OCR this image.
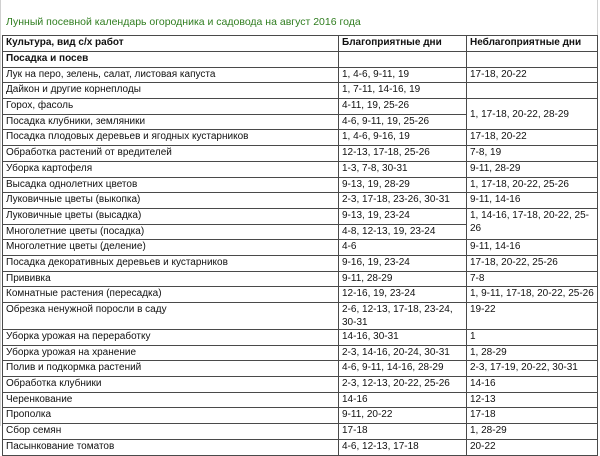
Лунный посевной календарь огородника и садовода на август 2016 года
Культура, вид с/х работ	Благоприятные дни	Неблагоприятные дни
Посадка и посев		
Лук на перо, зелень, салат, листовая капуста	1, 4-6, 9-11, 19	17-18, 20-22
Дайкон и другие корнеплоды	1, 7-11, 14-16, 19	
Горох, фасоль	4-11, 19, 25-26	1, 17-18, 20-22, 28-29
Посадка клубники, земляники	4-6, 9-11, 19, 25-26	
Посадка плодовых деревьев и ягодных кустарников	1, 4-6, 9-16, 19	17-18, 20-22
Обработка растений от вредителей	12-13, 17-18, 25-26	7-8, 19
Уборка картофеля	1-3, 7-8, 30-31	9-11, 28-29
Высадка однолетних цветов	9-13, 19, 28-29	1, 17-18, 20-22, 25-26
Луковичные цветы (выкопка)	2-3, 17-18, 23-26, 30-31	9-11, 14-16
Луковичные цветы (высадка)	9-13, 19, 23-24	1, 14-16, 17-18, 20-22, 25-26
Многолетние цветы (посадка)	4-8, 12-13, 19, 23-24	
Многолетние цветы (деление)	4-6	9-11, 14-16
Посадка декоративных деревьев и кустарников	9-16, 19, 23-24	17-18, 20-22, 25-26
Прививка	9-11, 28-29	7-8
Комнатные растения (пересадка)	12-16, 19, 23-24	1, 9-11, 17-18, 20-22, 25-26
Обрезка ненужной поросли в саду	2-6, 12-13, 17-18, 23-24, 30-31	19-22
Уборка урожая на переработку	14-16, 30-31	1
Уборка урожая на хранение	2-3, 14-16, 20-24, 30-31	1, 28-29
Полив и подкормка растений	4-6, 9-11, 14-16, 28-29	2-3, 17-19, 20-22, 30-31
Обработка клубники	2-3, 12-13, 20-22, 25-26	14-16
Черенкование	14-16	12-13
Прополка	9-11, 20-22	17-18
Сбор семян	17-18	1, 28-29
Пасынкование томатов	4-6, 12-13, 17-18	20-22
